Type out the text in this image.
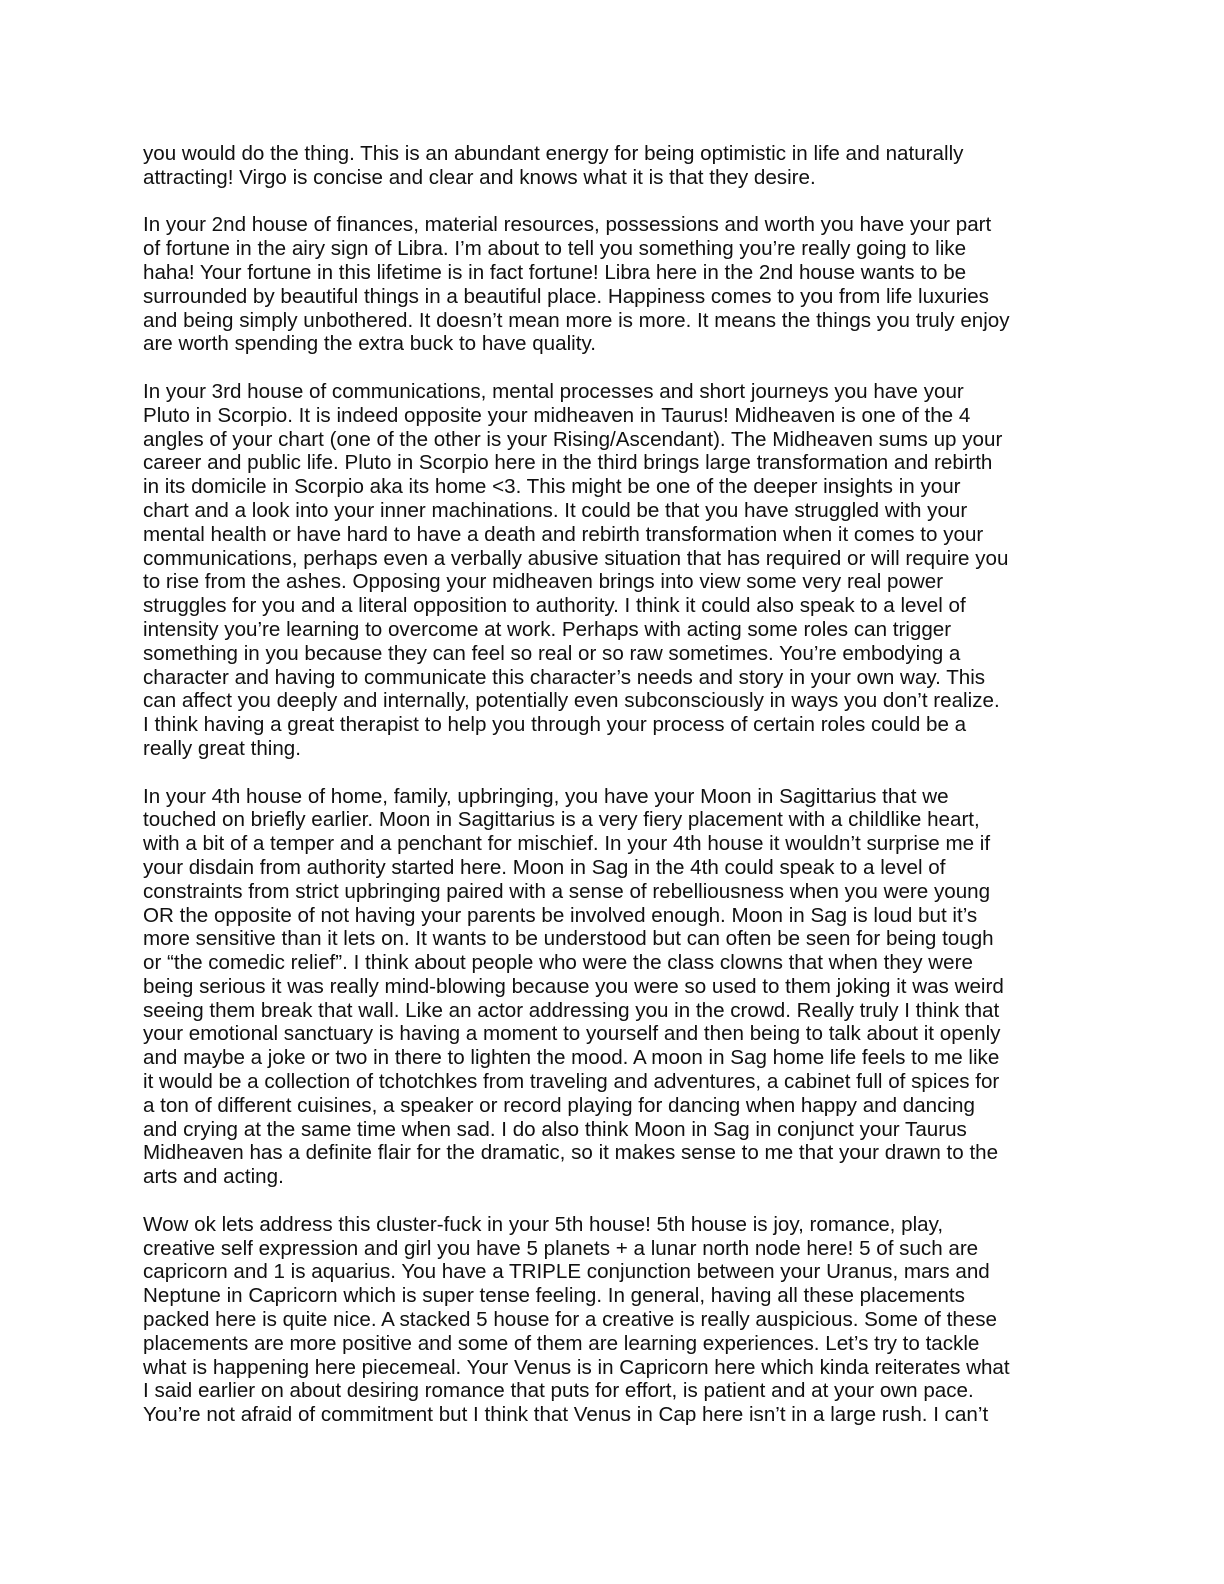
you would do the thing. This is an abundant energy for being optimistic in life and naturally
attracting! Virgo is concise and clear and knows what it is that they desire.
In your 2nd house of finances, material resources, possessions and worth you have your part
of fortune in the airy sign of Libra. I’m about to tell you something you’re really going to like
haha! Your fortune in this lifetime is in fact fortune! Libra here in the 2nd house wants to be
surrounded by beautiful things in a beautiful place. Happiness comes to you from life luxuries
and being simply unbothered. It doesn’t mean more is more. It means the things you truly enjoy
are worth spending the extra buck to have quality.
In your 3rd house of communications, mental processes and short journeys you have your
Pluto in Scorpio. It is indeed opposite your midheaven in Taurus! Midheaven is one of the 4
angles of your chart (one of the other is your Rising/Ascendant). The Midheaven sums up your
career and public life. Pluto in Scorpio here in the third brings large transformation and rebirth
in its domicile in Scorpio aka its home <3. This might be one of the deeper insights in your
chart and a look into your inner machinations. It could be that you have struggled with your
mental health or have hard to have a death and rebirth transformation when it comes to your
communications, perhaps even a verbally abusive situation that has required or will require you
to rise from the ashes. Opposing your midheaven brings into view some very real power
struggles for you and a literal opposition to authority. I think it could also speak to a level of
intensity you’re learning to overcome at work. Perhaps with acting some roles can trigger
something in you because they can feel so real or so raw sometimes. You’re embodying a
character and having to communicate this character’s needs and story in your own way. This
can affect you deeply and internally, potentially even subconsciously in ways you don’t realize.
I think having a great therapist to help you through your process of certain roles could be a
really great thing.
In your 4th house of home, family, upbringing, you have your Moon in Sagittarius that we
touched on briefly earlier. Moon in Sagittarius is a very fiery placement with a childlike heart,
with a bit of a temper and a penchant for mischief. In your 4th house it wouldn’t surprise me if
your disdain from authority started here. Moon in Sag in the 4th could speak to a level of
constraints from strict upbringing paired with a sense of rebelliousness when you were young
OR the opposite of not having your parents be involved enough. Moon in Sag is loud but it’s
more sensitive than it lets on. It wants to be understood but can often be seen for being tough
or “the comedic relief”. I think about people who were the class clowns that when they were
being serious it was really mind-blowing because you were so used to them joking it was weird
seeing them break that wall. Like an actor addressing you in the crowd. Really truly I think that
your emotional sanctuary is having a moment to yourself and then being to talk about it openly
and maybe a joke or two in there to lighten the mood. A moon in Sag home life feels to me like
it would be a collection of tchotchkes from traveling and adventures, a cabinet full of spices for
a ton of different cuisines, a speaker or record playing for dancing when happy and dancing
and crying at the same time when sad. I do also think Moon in Sag in conjunct your Taurus
Midheaven has a definite flair for the dramatic, so it makes sense to me that your drawn to the
arts and acting.
Wow ok lets address this cluster-fuck in your 5th house! 5th house is joy, romance, play,
creative self expression and girl you have 5 planets + a lunar north node here! 5 of such are
capricorn and 1 is aquarius. You have a TRIPLE conjunction between your Uranus, mars and
Neptune in Capricorn which is super tense feeling. In general, having all these placements
packed here is quite nice. A stacked 5 house for a creative is really auspicious. Some of these
placements are more positive and some of them are learning experiences. Let’s try to tackle
what is happening here piecemeal. Your Venus is in Capricorn here which kinda reiterates what
I said earlier on about desiring romance that puts for effort, is patient and at your own pace.
You’re not afraid of commitment but I think that Venus in Cap here isn’t in a large rush. I can’t
